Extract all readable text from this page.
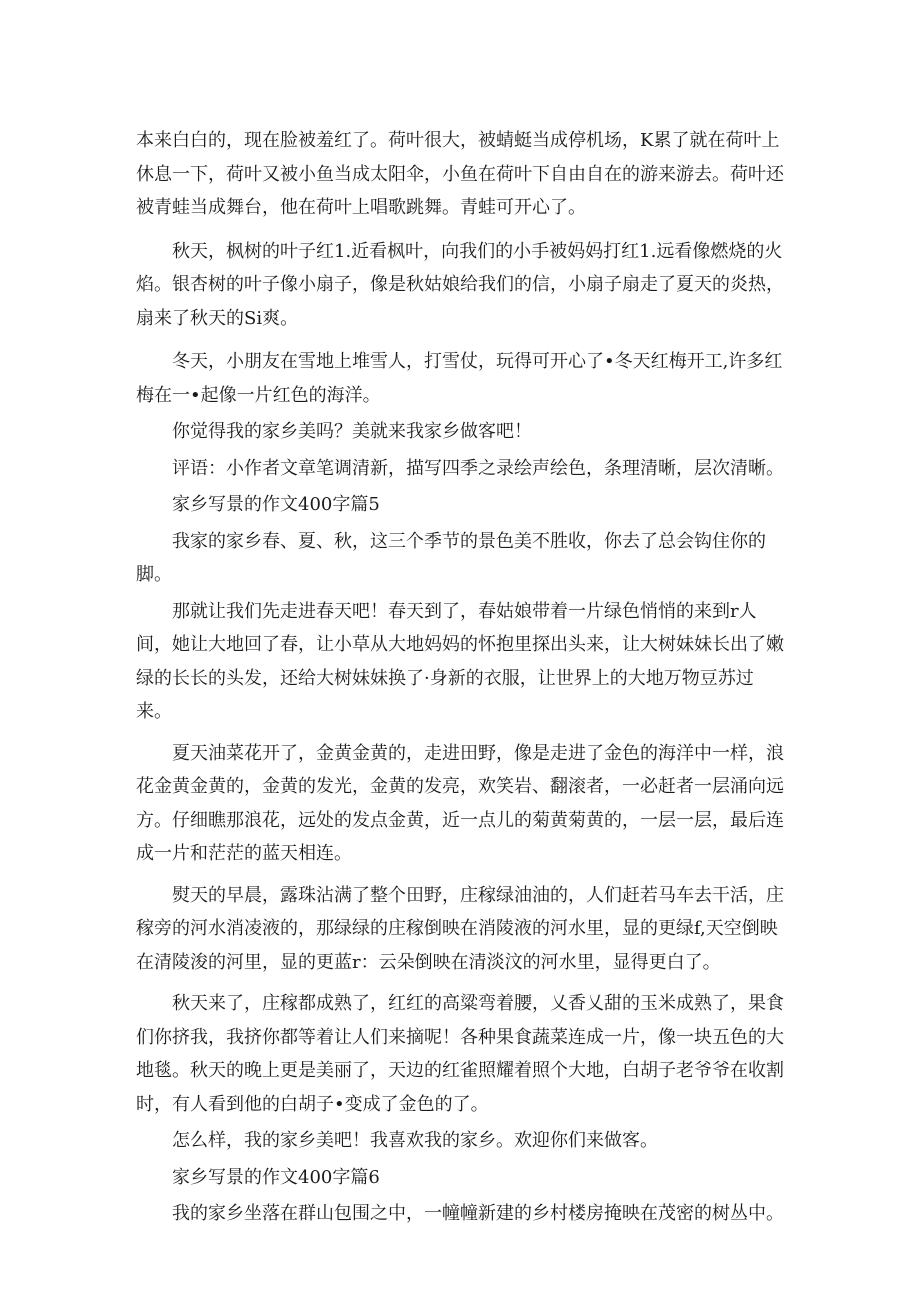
本来白白的，现在脸被羞红了。荷叶很大，被蜻蜓当成停机场，K累了就在荷叶上休息一下，荷叶又被小鱼当成太阳伞，小鱼在荷叶下自由自在的游来游去。荷叶还被青蛙当成舞台，他在荷叶上唱歌跳舞。青蛙可开心了。

秋天，枫树的叶子红1.近看枫叶，向我们的小手被妈妈打红1.远看像燃烧的火焰。银杏树的叶子像小扇子，像是秋姑娘给我们的信，小扇子扇走了夏天的炎热，扇来了秋天的Si爽。

冬天，小朋友在雪地上堆雪人，打雪仗，玩得可开心了•冬天红梅开工,许多红梅在一•起像一片红色的海洋。

你觉得我的家乡美吗？美就来我家乡做客吧！

评语：小作者文章笔调清新，描写四季之录绘声绘色，条理清晰，层次清晰。

家乡写景的作文400字篇5

我家的家乡春、夏、秋，这三个季节的景色美不胜收，你去了总会钩住你的脚。

那就让我们先走进春天吧！春天到了，春姑娘带着一片绿色悄悄的来到r人间，她让大地回了春，让小草从大地妈妈的怀抱里探出头来，让大树妹妹长出了嫩绿的长长的头发，还给大树妹妹换了·身新的衣服，让世界上的大地万物豆苏过来。

夏天油菜花开了，金黄金黄的，走进田野，像是走进了金色的海洋中一样，浪花金黄金黄的，金黄的发光，金黄的发亮，欢笑岩、翻滚者，一必赶者一层涌向远方。仔细瞧那浪花，远处的发点金黄，近一点儿的菊黄菊黄的，一层一层，最后连成一片和茫茫的蓝天相连。

熨天的早晨，露珠沾满了整个田野，庄稼绿油油的，人们赶若马车去干活，庄稼旁的河水消凌液的，那绿绿的庄稼倒映在消陵液的河水里，显的更绿f,天空倒映在清陵浚的河里，显的更蓝r：云朵倒映在清淡汶的河水里，显得更白了。

秋天来了，庄稼都成熟了，红红的高粱弯着腰，乂香乂甜的玉米成熟了，果食们你挤我，我挤你都等着让人们来摘呢！各种果食蔬菜连成一片，像一块五色的大地毯。秋天的晚上更是美丽了，天边的红雀照耀着照个大地，白胡子老爷爷在收割时，有人看到他的白胡子•变成了金色的了。

怎么样，我的家乡美吧！我喜欢我的家乡。欢迎你们来做客。

家乡写景的作文400字篇6

我的家乡坐落在群山包围之中，一幢幢新建的乡村楼房掩映在茂密的树丛中。
